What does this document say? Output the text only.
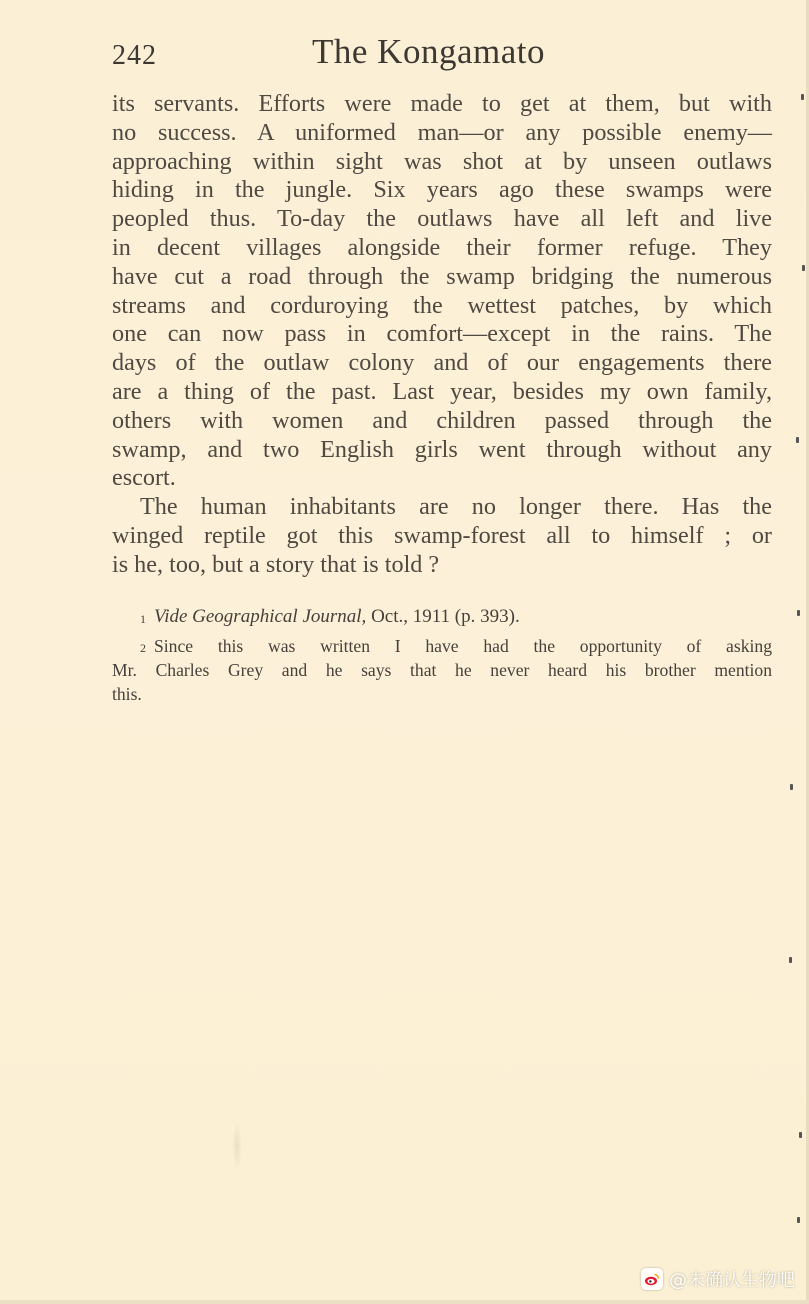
242	The Kongamato
its servants. Efforts were made to get at them, but with
no success. A uniformed man—or any possible enemy—
approaching within sight was shot at by unseen outlaws
hiding in the jungle. Six years ago these swamps were
peopled thus. To-day the outlaws have all left and live
in decent villages alongside their former refuge. They
have cut a road through the swamp bridging the numerous
streams and corduroying the wettest patches, by which
one can now pass in comfort—except in the rains. The
days of the outlaw colony and of our engagements there
are a thing of the past. Last year, besides my own family,
others with women and children passed through the
swamp, and two English girls went through without any
escort.
The human inhabitants are no longer there. Has the
winged reptile got this swamp-forest all to himself ; or
is he, too, but a story that is told ?
$^1$ Vide Geographical Journal, Oct., 1911 (p. 393).
$^2$ Since this was written I have had the opportunity of asking
Mr. Charles Grey and he says that he never heard his brother mention
this.
@未确认生物吧
